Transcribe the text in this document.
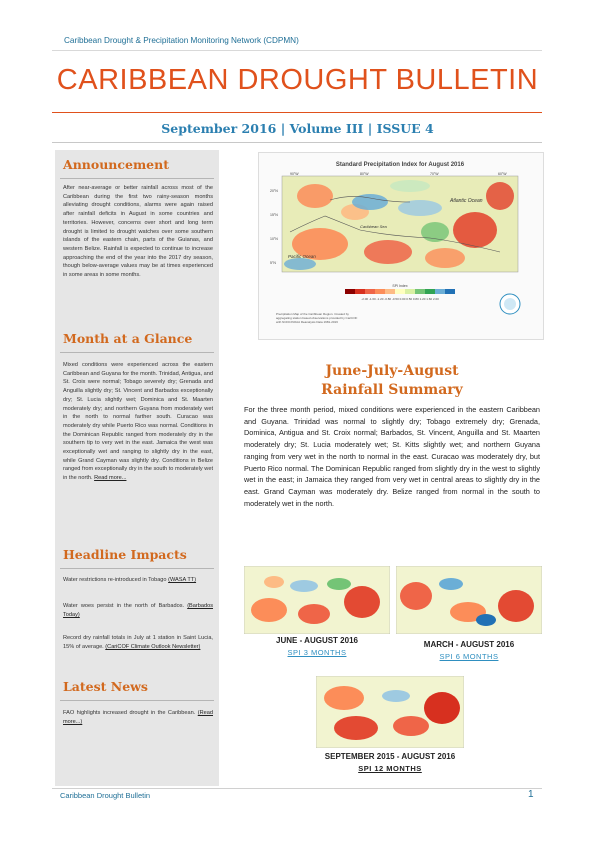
Caribbean Drought & Precipitation Monitoring Network (CDPMN)
CARIBBEAN DROUGHT BULLETIN
September 2016 | Volume III | ISSUE 4
Announcement
After near-average or better rainfall across most of the Caribbean during the first two rainy-season months alleviating drought conditions, alarms were again raised after rainfall deficits in August in some countries and territories. However, concerns over short and long term drought is limited to drought watches over some southern islands of the eastern chain, parts of the Guianas, and western Belize. Rainfall is expected to continue to increase approaching the end of the year into the 2017 dry season, though below-average values may be at times experienced in some areas in some months.
Month at a Glance
Mixed conditions were experienced across the eastern Caribbean and Guyana for the month. Trinidad, Antigua, and St. Croix were normal; Tobago severely dry; Grenada and Anguilla slightly dry; St. Vincent and Barbados exceptionally dry; St. Lucia slightly wet; Dominica and St. Maarten moderately dry; and northern Guyana from moderately wet in the north to normal farther south. Curacao was moderately dry while Puerto Rico was normal. Conditions in the Dominican Republic ranged from moderately dry in the southern tip to very wet in the east. Jamaica the west was exceptionally wet and ranging to slightly dry in the east, while Grand Cayman was slightly dry. Conditions in Belize ranged from exceptionally dry in the south to moderately wet in the north. Read more...
Headline Impacts
Water restrictions re-introduced in Tobago (WASA TT)
Water woes persist in the north of Barbados. (Barbados Today)
Record dry rainfall totals in July at 1 station in Saint Lucia, 15% of average. (CariCOF Climate Outlook Newsletter)
Latest News
FAO highlights increased drought in the Caribbean. (Read more...)
Standard Precipitation Index for August 2016
Atlantic Ocean
Caribbean Sea
Pacific Ocean
90°W	80°W	70°W	60°W
20°N
15°N
10°N
5°N
SPI Index
-2.00 -1.60 -1.20 -0.80 -0.50 0.00 0.50 0.80 1.20 1.60 2.00
Precipitation Map of the Caribbean Region. Created by aggregating station based observations provided by CariCOF with NCDC/NOAA Reanalysis Data 1981-2016
June-July-August
Rainfall Summary
For the three month period, mixed conditions were experienced in the eastern Caribbean and Guyana. Trinidad was normal to slightly dry; Tobago extremely dry; Grenada, Dominica, Antigua and St. Croix normal; Barbados, St. Vincent, Anguilla and St. Maarten moderately dry; St. Lucia moderately wet; St. Kitts slightly wet; and northern Guyana ranging from very wet in the north to normal in the east. Curacao was moderately dry, but Puerto Rico normal. The Dominican Republic ranged from slightly dry in the west to slightly wet in the east; in Jamaica they ranged from very wet in central areas to slightly dry in the east. Grand Cayman was moderately dry. Belize ranged from normal in the south to moderately wet in the north.
JUNE - AUGUST 2016
SPI 3 MONTHS
MARCH - AUGUST 2016
SPI 6 MONTHS
SEPTEMBER 2015 - AUGUST 2016
SPI 12 MONTHS
Caribbean Drought Bulletin	1
